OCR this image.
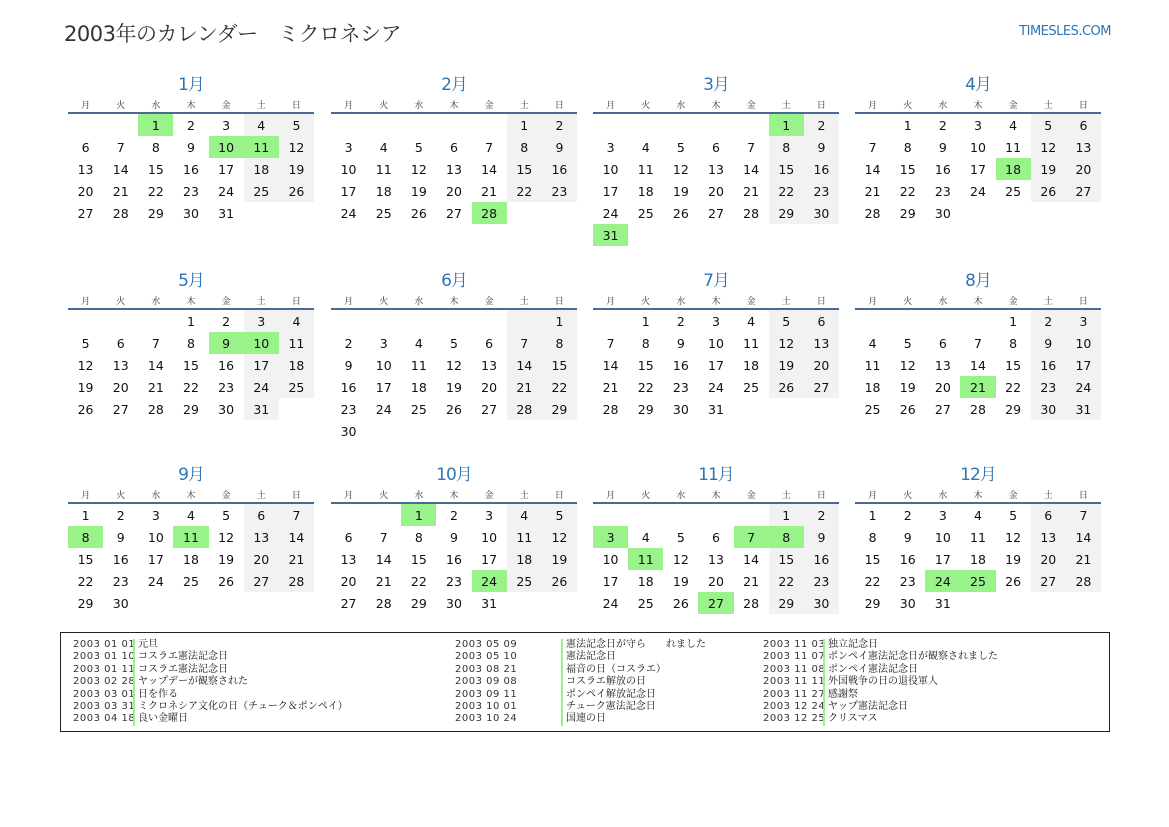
2003年のカレンダー　ミクロネシア	TIMESLES.COM
1月
月	火	水	木	金	土	日
		1	2	3	4	5
6	7	8	9	10	11	12
13	14	15	16	17	18	19
20	21	22	23	24	25	26
27	28	29	30	31		
2月
月	火	水	木	金	土	日
					1	2
3	4	5	6	7	8	9
10	11	12	13	14	15	16
17	18	19	20	21	22	23
24	25	26	27	28		
3月
月	火	水	木	金	土	日
					1	2
3	4	5	6	7	8	9
10	11	12	13	14	15	16
17	18	19	20	21	22	23
24	25	26	27	28	29	30
31						
4月
月	火	水	木	金	土	日
	1	2	3	4	5	6
7	8	9	10	11	12	13
14	15	16	17	18	19	20
21	22	23	24	25	26	27
28	29	30				
5月
月	火	水	木	金	土	日
			1	2	3	4
5	6	7	8	9	10	11
12	13	14	15	16	17	18
19	20	21	22	23	24	25
26	27	28	29	30	31	
6月
月	火	水	木	金	土	日
						1
2	3	4	5	6	7	8
9	10	11	12	13	14	15
16	17	18	19	20	21	22
23	24	25	26	27	28	29
30						
7月
月	火	水	木	金	土	日
	1	2	3	4	5	6
7	8	9	10	11	12	13
14	15	16	17	18	19	20
21	22	23	24	25	26	27
28	29	30	31			
8月
月	火	水	木	金	土	日
				1	2	3
4	5	6	7	8	9	10
11	12	13	14	15	16	17
18	19	20	21	22	23	24
25	26	27	28	29	30	31
9月
月	火	水	木	金	土	日
1	2	3	4	5	6	7
8	9	10	11	12	13	14
15	16	17	18	19	20	21
22	23	24	25	26	27	28
29	30					
10月
月	火	水	木	金	土	日
		1	2	3	4	5
6	7	8	9	10	11	12
13	14	15	16	17	18	19
20	21	22	23	24	25	26
27	28	29	30	31		
11月
月	火	水	木	金	土	日
					1	2
3	4	5	6	7	8	9
10	11	12	13	14	15	16
17	18	19	20	21	22	23
24	25	26	27	28	29	30
12月
月	火	水	木	金	土	日
1	2	3	4	5	6	7
8	9	10	11	12	13	14
15	16	17	18	19	20	21
22	23	24	25	26	27	28
29	30	31				
2003 01 01 元旦
2003 01 10 コスラエ憲法記念日
2003 01 11 コスラエ憲法記念日
2003 02 28 ヤップデーが観察された
2003 03 01 日を作る
2003 03 31 ミクロネシア文化の日（チューク＆ポンペイ）
2003 04 18 良い金曜日
2003 05 09	憲法記念日が守ら　　れました
2003 05 10	憲法記念日
2003 08 21	福音の日（コスラエ）
2003 09 08	コスラエ解放の日
2003 09 11	ポンペイ解放記念日
2003 10 01	チューク憲法記念日
2003 10 24	国連の日
2003 11 03 独立記念日
2003 11 07 ポンペイ憲法記念日が観察されました
2003 11 08 ポンペイ憲法記念日
2003 11 11 外国戦争の日の退役軍人
2003 11 27 感謝祭
2003 12 24 ヤップ憲法記念日
2003 12 25 クリスマス
